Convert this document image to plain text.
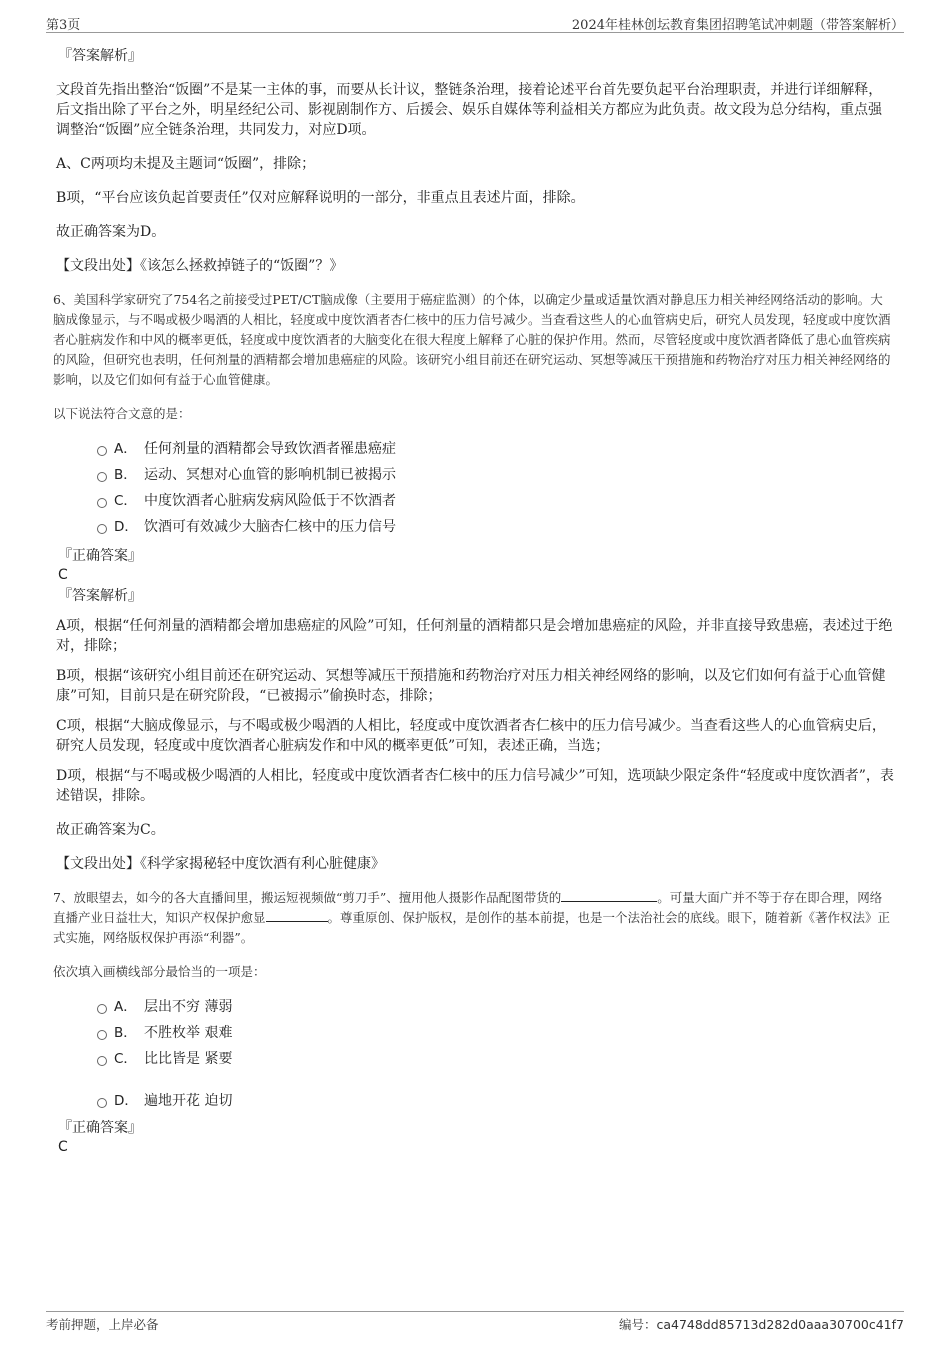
第3页	2024年桂林创坛教育集团招聘笔试冲刺题（带答案解析）
『答案解析』

文段首先指出整治“饭圈”不是某一主体的事，而要从长计议，整链条治理，接着论述平台首先要负起平台治理职责，并进行详细解释，后文指出除了平台之外，明星经纪公司、影视剧制作方、后援会、娱乐自媒体等利益相关方都应为此负责。故文段为总分结构，重点强调整治“饭圈”应全链条治理，共同发力，对应D项。

A、C两项均未提及主题词“饭圈”，排除；

B项，“平台应该负起首要责任”仅对应解释说明的一部分，非重点且表述片面，排除。

故正确答案为D。

【文段出处】《该怎么拯救掉链子的“饭圈”？》

6、美国科学家研究了754名之前接受过PET/CT脑成像（主要用于癌症监测）的个体，以确定少量或适量饮酒对静息压力相关神经网络活动的影响。大脑成像显示，与不喝或极少喝酒的人相比，轻度或中度饮酒者杏仁核中的压力信号减少。当查看这些人的心血管病史后，研究人员发现，轻度或中度饮酒者心脏病发作和中风的概率更低，轻度或中度饮酒者的大脑变化在很大程度上解释了心脏的保护作用。然而，尽管轻度或中度饮酒者降低了患心血管疾病的风险，但研究也表明，任何剂量的酒精都会增加患癌症的风险。该研究小组目前还在研究运动、冥想等减压干预措施和药物治疗对压力相关神经网络的影响，以及它们如何有益于心血管健康。

以下说法符合文意的是：

A． 任何剂量的酒精都会导致饮酒者罹患癌症
B． 运动、冥想对心血管的影响机制已被揭示
C． 中度饮酒者心脏病发病风险低于不饮酒者
D． 饮酒可有效减少大脑杏仁核中的压力信号
『正确答案』
C
『答案解析』

A项，根据“任何剂量的酒精都会增加患癌症的风险”可知，任何剂量的酒精都只是会增加患癌症的风险，并非直接导致患癌，表述过于绝对，排除；

B项，根据“该研究小组目前还在研究运动、冥想等减压干预措施和药物治疗对压力相关神经网络的影响，以及它们如何有益于心血管健康”可知，目前只是在研究阶段，“已被揭示”偷换时态，排除；

C项，根据“大脑成像显示，与不喝或极少喝酒的人相比，轻度或中度饮酒者杏仁核中的压力信号减少。当查看这些人的心血管病史后，研究人员发现，轻度或中度饮酒者心脏病发作和中风的概率更低”可知，表述正确，当选；

D项，根据“与不喝或极少喝酒的人相比，轻度或中度饮酒者杏仁核中的压力信号减少”可知，选项缺少限定条件“轻度或中度饮酒者”，表述错误，排除。

故正确答案为C。

【文段出处】《科学家揭秘轻中度饮酒有利心脏健康》

7、放眼望去，如今的各大直播间里，搬运短视频做“剪刀手”、擅用他人摄影作品配图带货的	。可量大面广并不等于存在即合理，网络直播产业日益壮大，知识产权保护愈显	。尊重原创、保护版权，是创作的基本前提，也是一个法治社会的底线。眼下，随着新《著作权法》正式实施，网络版权保护再添“利器”。

依次填入画横线部分最恰当的一项是：

A． 层出不穷 薄弱
B． 不胜枚举 艰难
C． 比比皆是 紧要
D． 遍地开花 迫切
『正确答案』
C
考前押题，上岸必备	编号：ca4748dd85713d282d0aaa30700c41f7
